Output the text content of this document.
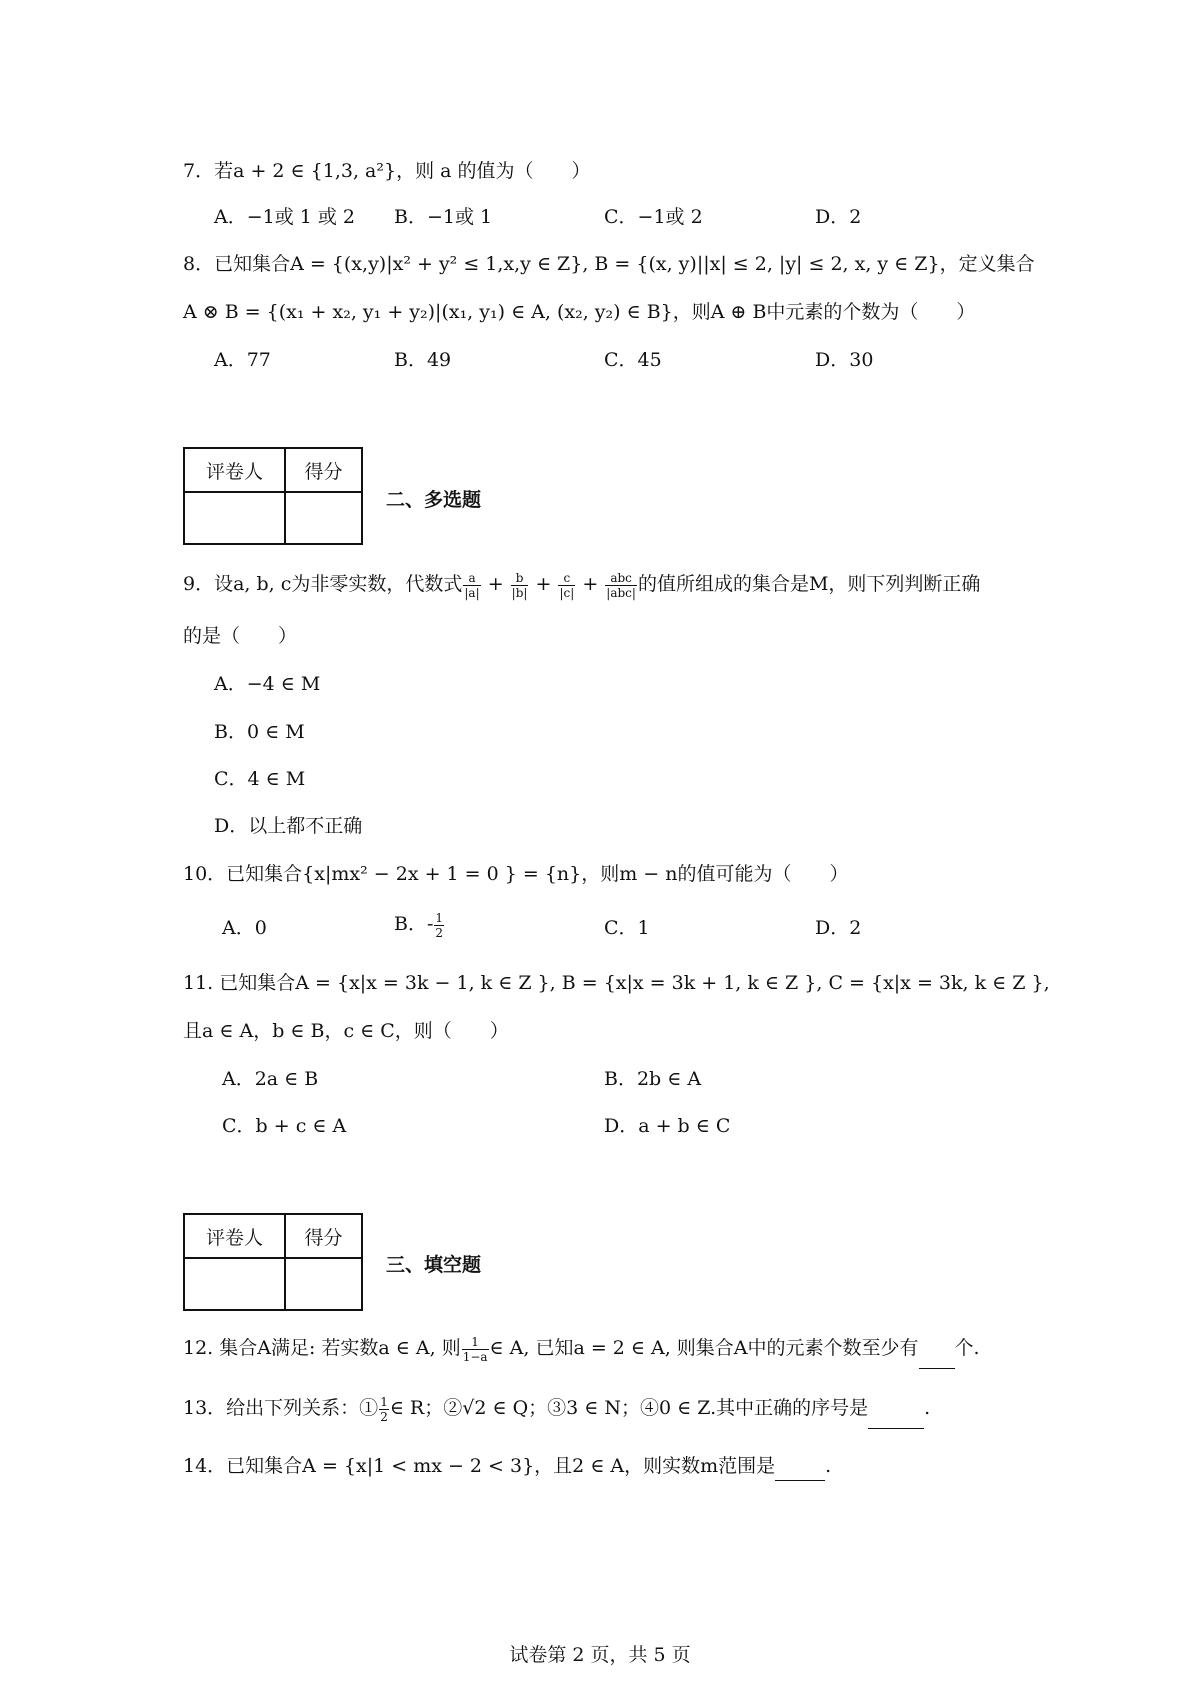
7．若a + 2 ∈ {1,3, a²}，则 a 的值为（　　）
A．−1或 1 或 2 B．−1或 1	C．−1或 2	D．2
8．已知集合A = {(x,y)|x² + y² ≤ 1,x,y ∈ Z}, B = {(x, y)||x| ≤ 2, |y| ≤ 2, x, y ∈ Z}，定义集合
A ⊗ B = {(x₁ + x₂, y₁ + y₂)|(x₁, y₁) ∈ A, (x₂, y₂) ∈ B}，则A ⊕ B中元素的个数为（　　）
A．77	B．49	C．45	D．30
评卷人	得分
二、多选题
9．设a, b, c为非零实数，代数式 $\frac{a}{|a|} + \frac{b}{|b|} + \frac{c}{|c|} + \frac{\text{abc}}{\text{|abc|}}$ 的值所组成的集合是M，则下列判断正确
的是（　　）
A．−4 ∈ M
B．0 ∈ M
C．4 ∈ M
D．以上都不正确
10．已知集合{x|mx² − 2x + 1 = 0 } = {n}，则m − n的值可能为（　　）
A．0	B．- $\frac{1}{2}$	C．1	D．2
11. 已知集合A = {x|x = 3k − 1, k ∈ Z }, B = {x|x = 3k + 1, k ∈ Z }, C = {x|x = 3k, k ∈ Z },
且a ∈ A，b ∈ B，c ∈ C，则（　　）
A．2a ∈ B	B．2b ∈ A
C．b + c ∈ A	D．a + b ∈ C
评卷人	得分
三、填空题
12. 集合A满足: 若实数a ∈ A, 则 $\frac{1}{1-a}$ ∈ A, 已知a = 2 ∈ A, 则集合A中的元素个数至少有 个.
13．给出下列关系：① $\frac{1}{2}$ ∈ R；②√2 ∈ Q；③3 ∈ N；④0 ∈ Z.其中正确的序号是	.
14．已知集合A = {x|1 < mx − 2 < 3}，且2 ∈ A，则实数m范围是	.
试卷第 2 页，共 5 页
